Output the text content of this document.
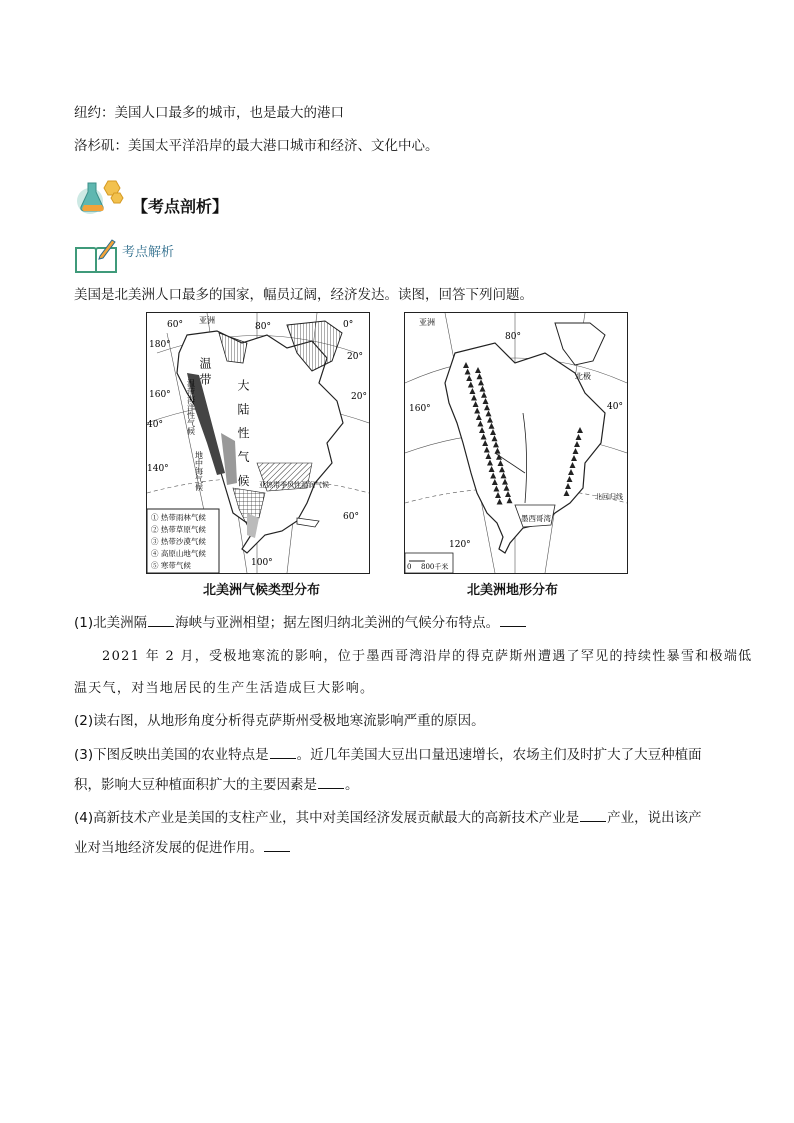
纽约：美国人口最多的城市，也是最大的港口
洛杉矶：美国太平洋沿岸的最大港口城市和经济、文化中心。
【考点剖析】
考点解析
美国是北美洲人口最多的国家，幅员辽阔，经济发达。读图，回答下列问题。
亚洲
60°	80°	0°
180°
20°
160°	20°
40°
140°
60°
100°
温 带
大 陆 性 气 候
温带海洋性气候
地中海气候	亚热带季风性湿润气候
① 热带雨林气候
② 热带草原气候
③ 热带沙漠气候
④ 高原山地气候
⑤ 寒带气候
北美洲气候类型分布
亚洲
80°
160°	40°
120°
北回归线
北极
墨西哥湾
0 800千米
北美洲地形分布
(1)北美洲隔 海峡与亚洲相望；据左图归纳北美洲的气候分布特点。
2021 年 2 月，受极地寒流的影响，位于墨西哥湾沿岸的得克萨斯州遭遇了罕见的持续性暴雪和极端低
温天气，对当地居民的生产生活造成巨大影响。
(2)读右图，从地形角度分析得克萨斯州受极地寒流影响严重的原因。
(3)下图反映出美国的农业特点是 。近几年美国大豆出口量迅速增长，农场主们及时扩大了大豆种植面
积，影响大豆种植面积扩大的主要因素是 。
(4)高新技术产业是美国的支柱产业，其中对美国经济发展贡献最大的高新技术产业是 产业，说出该产
业对当地经济发展的促进作用。
